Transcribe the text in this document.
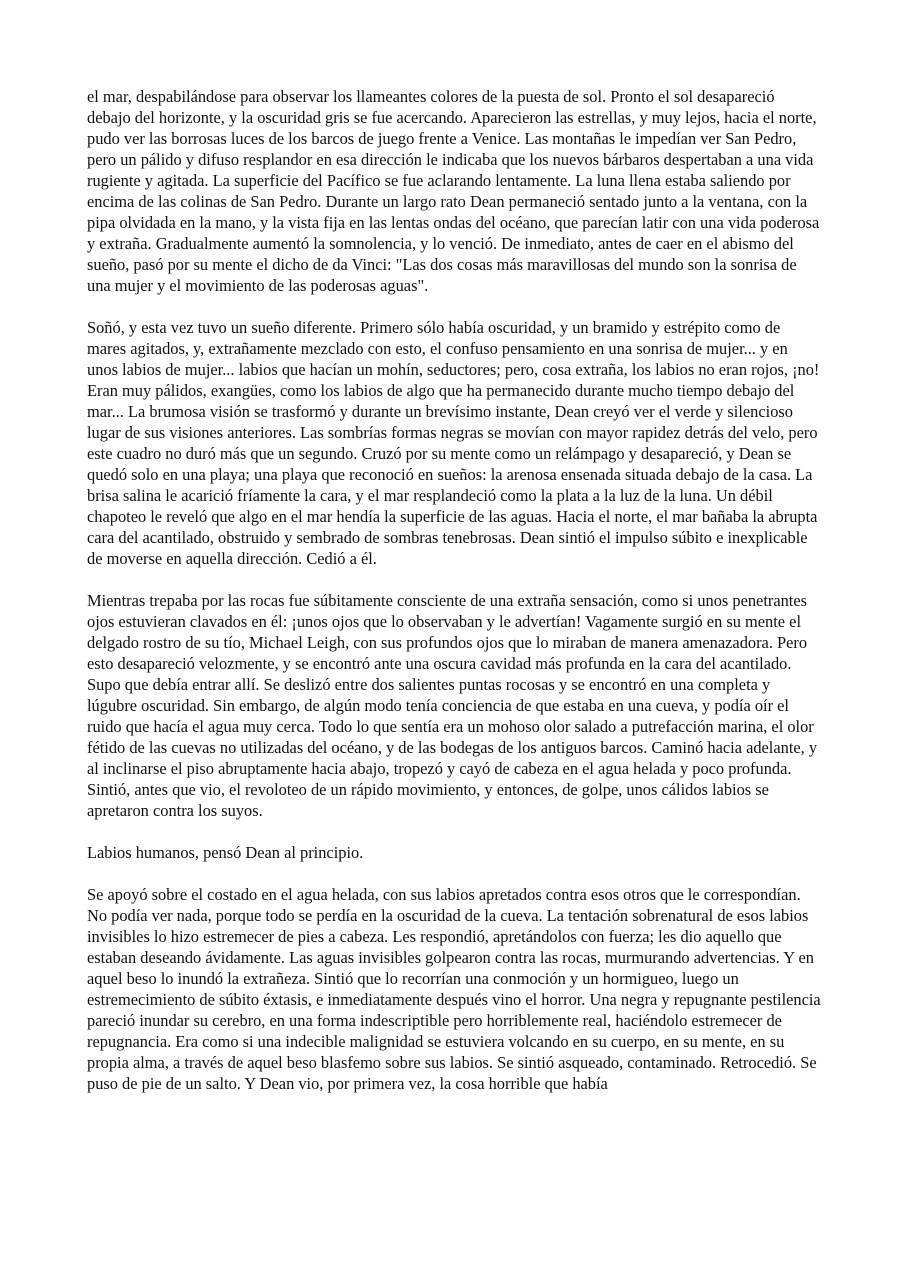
el mar, despabilándose para observar los llameantes colores de la puesta de sol. Pronto el sol desapareció debajo del horizonte, y la oscuridad gris se fue acercando. Aparecieron las estrellas, y muy lejos, hacia el norte, pudo ver las borrosas luces de los barcos de juego frente a Venice. Las montañas le impedían ver San Pedro, pero un pálido y difuso resplandor en esa dirección le indicaba que los nuevos bárbaros despertaban a una vida rugiente y agitada. La superficie del Pacífico se fue aclarando lentamente. La luna llena estaba saliendo por encima de las colinas de San Pedro. Durante un largo rato Dean permaneció sentado junto a la ventana, con la pipa olvidada en la mano, y la vista fija en las lentas ondas del océano, que parecían latir con una vida poderosa y extraña. Gradualmente aumentó la somnolencia, y lo venció. De inmediato, antes de caer en el abismo del sueño, pasó por su mente el dicho de da Vinci: "Las dos cosas más maravillosas del mundo son la sonrisa de una mujer y el movimiento de las poderosas aguas".

Soñó, y esta vez tuvo un sueño diferente. Primero sólo había oscuridad, y un bramido y estrépito como de mares agitados, y, extrañamente mezclado con esto, el confuso pensamiento en una sonrisa de mujer... y en unos labios de mujer... labios que hacían un mohín, seductores; pero, cosa extraña, los labios no eran rojos, ¡no! Eran muy pálidos, exangües, como los labios de algo que ha permanecido durante mucho tiempo debajo del mar... La brumosa visión se trasformó y durante un brevísimo instante, Dean creyó ver el verde y silencioso lugar de sus visiones anteriores. Las sombrías formas negras se movían con mayor rapidez detrás del velo, pero este cuadro no duró más que un segundo. Cruzó por su mente como un relámpago y desapareció, y Dean se quedó solo en una playa; una playa que reconoció en sueños: la arenosa ensenada situada debajo de la casa. La brisa salina le acarició fríamente la cara, y el mar resplandeció como la plata a la luz de la luna. Un débil chapoteo le reveló que algo en el mar hendía la superficie de las aguas. Hacia el norte, el mar bañaba la abrupta cara del acantilado, obstruido y sembrado de sombras tenebrosas. Dean sintió el impulso súbito e inexplicable de moverse en aquella dirección. Cedió a él.

Mientras trepaba por las rocas fue súbitamente consciente de una extraña sensación, como si unos penetrantes ojos estuvieran clavados en él: ¡unos ojos que lo observaban y le advertían! Vagamente surgió en su mente el delgado rostro de su tío, Michael Leigh, con sus profundos ojos que lo miraban de manera amenazadora. Pero esto desapareció velozmente, y se encontró ante una oscura cavidad más profunda en la cara del acantilado. Supo que debía entrar allí. Se deslizó entre dos salientes puntas rocosas y se encontró en una completa y lúgubre oscuridad. Sin embargo, de algún modo tenía conciencia de que estaba en una cueva, y podía oír el ruido que hacía el agua muy cerca. Todo lo que sentía era un mohoso olor salado a putrefacción marina, el olor fétido de las cuevas no utilizadas del océano, y de las bodegas de los antiguos barcos. Caminó hacia adelante, y al inclinarse el piso abruptamente hacia abajo, tropezó y cayó de cabeza en el agua helada y poco profunda. Sintió, antes que vio, el revoloteo de un rápido movimiento, y entonces, de golpe, unos cálidos labios se apretaron contra los suyos.

Labios humanos, pensó Dean al principio.

Se apoyó sobre el costado en el agua helada, con sus labios apretados contra esos otros que le correspondían. No podía ver nada, porque todo se perdía en la oscuridad de la cueva. La tentación sobrenatural de esos labios invisibles lo hizo estremecer de pies a cabeza. Les respondió, apretándolos con fuerza; les dio aquello que estaban deseando ávidamente. Las aguas invisibles golpearon contra las rocas, murmurando advertencias. Y en aquel beso lo inundó la extrañeza. Sintió que lo recorrían una conmoción y un hormigueo, luego un estremecimiento de súbito éxtasis, e inmediatamente después vino el horror. Una negra y repugnante pestilencia pareció inundar su cerebro, en una forma indescriptible pero horriblemente real, haciéndolo estremecer de repugnancia. Era como si una indecible malignidad se estuviera volcando en su cuerpo, en su mente, en su propia alma, a través de aquel beso blasfemo sobre sus labios. Se sintió asqueado, contaminado. Retrocedió. Se puso de pie de un salto. Y Dean vio, por primera vez, la cosa horrible que había
